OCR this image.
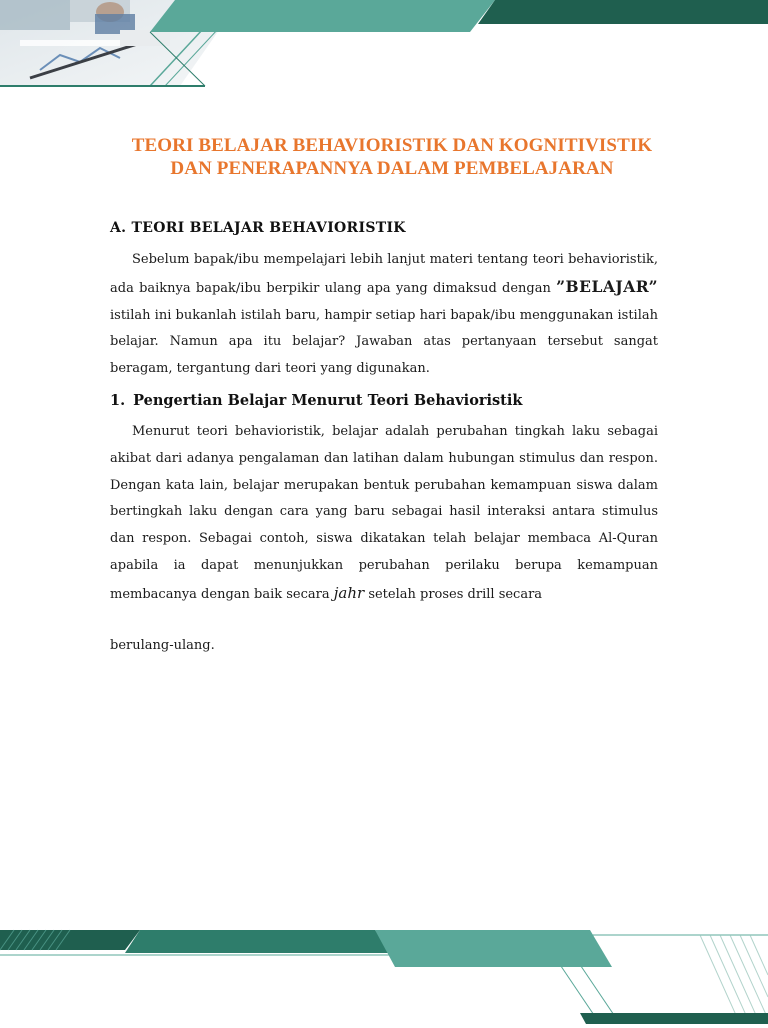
TEORI BELAJAR BEHAVIORISTIK DAN KOGNITIVISTIK
DAN PENERAPANNYA DALAM PEMBELAJARAN
A. TEORI BELAJAR BEHAVIORISTIK

Sebelum bapak/ibu mempelajari lebih lanjut materi tentang teori behavioristik, ada baiknya bapak/ibu berpikir ulang apa yang dimaksud dengan ”BELAJAR” istilah ini bukanlah istilah baru, hampir setiap hari bapak/ibu menggunakan istilah belajar. Namun apa itu belajar? Jawaban atas pertanyaan tersebut sangat beragam, tergantung dari teori yang digunakan.

1. Pengertian Belajar Menurut Teori Behavioristik

Menurut teori behavioristik, belajar adalah perubahan tingkah laku sebagai akibat dari adanya pengalaman dan latihan dalam hubungan stimulus dan respon. Dengan kata lain, belajar merupakan bentuk perubahan kemampuan siswa dalam bertingkah laku dengan cara yang baru sebagai hasil interaksi antara stimulus dan respon. Sebagai contoh, siswa dikatakan telah belajar membaca Al-Quran apabila ia dapat menunjukkan perubahan perilaku berupa kemampuan membacanya dengan baik secara jahr setelah proses drill secara

berulang-ulang.
